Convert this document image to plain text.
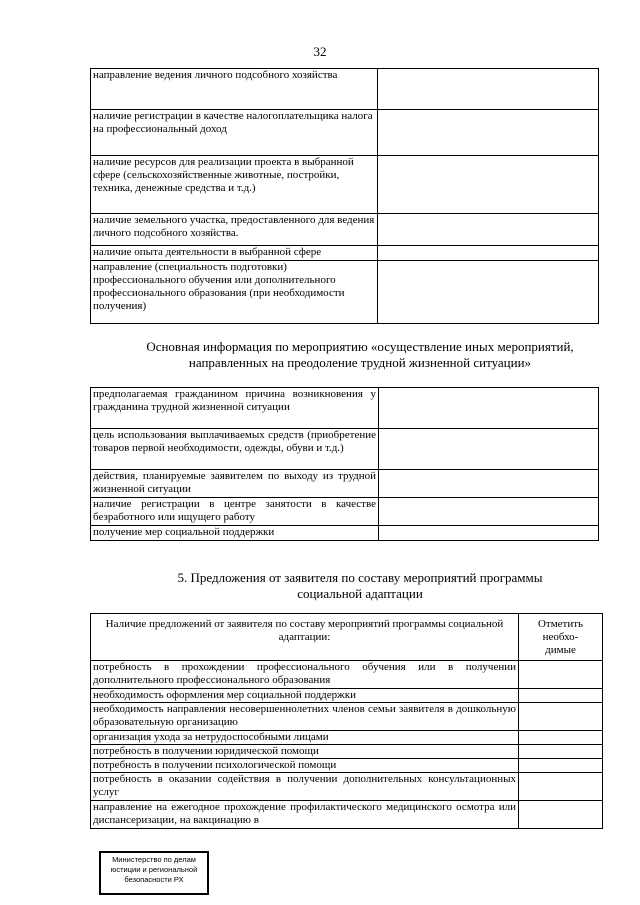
32
направление ведения личного подсобного хозяйства	
наличие регистрации в качестве налогоплательщика налога на профессиональный доход	
наличие ресурсов для реализации проекта в выбранной сфере (сельскохозяйственные животные, постройки, техника, денежные средства и т.д.)	
наличие земельного участка, предоставленного для ведения личного подсобного хозяйства.	
наличие опыта деятельности в выбранной сфере	
направление (специальность подготовки) профессионального обучения или дополнительного профессионального образования (при необходимости получения)	
Основная информация по мероприятию «осуществление иных мероприятий, направленных на преодоление трудной жизненной ситуации»
предполагаемая гражданином причина возникновения у гражданина трудной жизненной ситуации	
цель использования выплачиваемых средств (приобретение товаров первой необходимости, одежды, обуви и т.д.)	
действия, планируемые заявителем по выходу из трудной жизненной ситуации	
наличие регистрации в центре занятости в качестве безработного или ищущего работу	
получение мер социальной поддержки	
5. Предложения от заявителя по составу мероприятий программы социальной адаптации
Наличие предложений от заявителя по составу мероприятий программы социальной адаптации:	Отметить необхо- димые
потребность в прохождении профессионального обучения или в получении дополнительного профессионального образования	
необходимость оформления мер социальной поддержки	
необходимость направления несовершеннолетних членов семьи заявителя в дошкольную образовательную организацию	
организация ухода за нетрудоспособными лицами	
потребность в получении юридической помощи	
потребность в получении психологической помощи	
потребность в оказании содействия в получении дополнительных консультационных услуг	
направление на ежегодное прохождение профилактического медицинского осмотра или диспансеризации, на вакцинацию в	
Министерство по делам
юстиции и региональной
безопасности РХ
